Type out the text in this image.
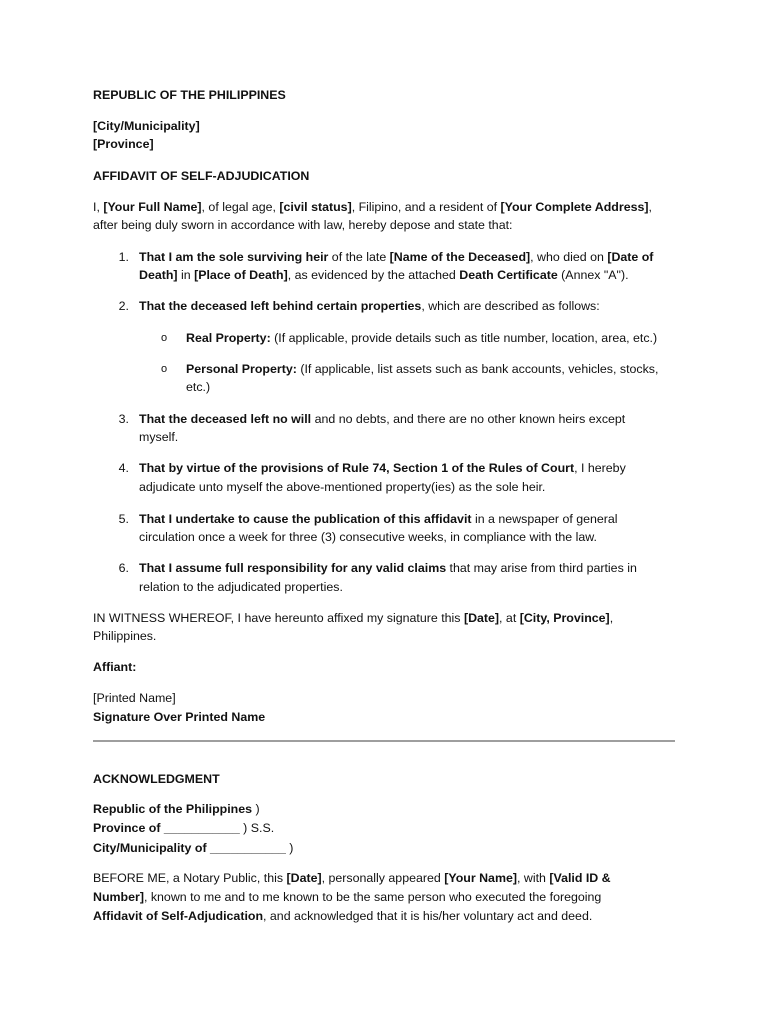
REPUBLIC OF THE PHILIPPINES

[City/Municipality]

[Province]

AFFIDAVIT OF SELF-ADJUDICATION

I, [Your Full Name], of legal age, [civil status], Filipino, and a resident of [Your Complete Address],

after being duly sworn in accordance with law, hereby depose and state that:

1. That I am the sole surviving heir of the late [Name of the Deceased], who died on [Date of

Death] in [Place of Death], as evidenced by the attached Death Certificate (Annex "A").

2. That the deceased left behind certain properties, which are described as follows:

o Real Property: (If applicable, provide details such as title number, location, area, etc.)

o Personal Property: (If applicable, list assets such as bank accounts, vehicles, stocks,

etc.)

3. That the deceased left no will and no debts, and there are no other known heirs except

myself.

4. That by virtue of the provisions of Rule 74, Section 1 of the Rules of Court, I hereby

adjudicate unto myself the above-mentioned property(ies) as the sole heir.

5. That I undertake to cause the publication of this affidavit in a newspaper of general

circulation once a week for three (3) consecutive weeks, in compliance with the law.

6. That I assume full responsibility for any valid claims that may arise from third parties in

relation to the adjudicated properties.

IN WITNESS WHEREOF, I have hereunto affixed my signature this [Date], at [City, Province],

Philippines.

Affiant:

[Printed Name]

Signature Over Printed Name

ACKNOWLEDGMENT

Republic of the Philippines )

Province of ___________ ) S.S.

City/Municipality of ___________ )

BEFORE ME, a Notary Public, this [Date], personally appeared [Your Name], with [Valid ID &

Number], known to me and to me known to be the same person who executed the foregoing

Affidavit of Self-Adjudication, and acknowledged that it is his/her voluntary act and deed.
